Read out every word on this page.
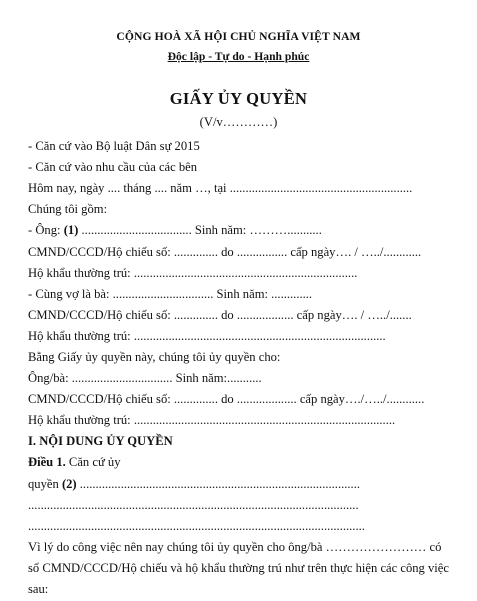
CỘNG HOÀ XÃ HỘI CHỦ NGHĨA VIỆT NAM
Độc lập - Tự do - Hạnh phúc
GIẤY ỦY QUYỀN
(V/v…………)
- Căn cứ vào Bộ luật Dân sự 2015
- Căn cứ vào nhu cầu của các bên
Hôm nay, ngày .... tháng .... năm …, tại ..........................................................
Chúng tôi gồm:
- Ông: (1) ................................... Sinh năm: ………...........
CMND/CCCD/Hộ chiếu số: .............. do ................ cấp ngày…. / …../............
Hộ khẩu thường trú: .......................................................................
- Cùng vợ là bà: ................................ Sinh năm: .............
CMND/CCCD/Hộ chiếu số: .............. do .................. cấp ngày…. / …../.......
Hộ khẩu thường trú: ................................................................................
Bằng Giấy ủy quyền này, chúng tôi ủy quyền cho:
Ông/bà: ................................ Sinh năm:...........
CMND/CCCD/Hộ chiếu số: .............. do ................... cấp ngày…./…../............
Hộ khẩu thường trú: ...................................................................................
I. NỘI DUNG ỦY QUYỀN
Điều 1. Căn cứ ủy
quyền (2) .........................................................................................
.........................................................................................................
...........................................................................................................
Vì lý do công việc nên nay chúng tôi ủy quyền cho ông/bà …………………… có
số CMND/CCCD/Hộ chiếu và hộ khẩu thường trú như trên thực hiện các công việc
sau:
